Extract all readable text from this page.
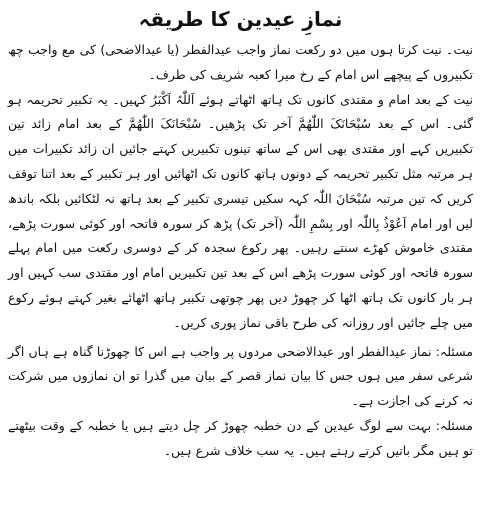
نمازِ عیدین کا طریقہ

نیت۔ نیت کرتا ہوں میں دو رکعت نماز واجب عیدالفطر (یا عیدالاضحی) کی مع واجب چھ تکبیروں کے پیچھے اس امام کے رخ میرا کعبہ شریف کی طرف۔

نیت کے بعد امام و مقتدی کانوں تک ہاتھ اٹھاتے ہوئے اَللّٰہُ اَکْبَرُ کہیں۔ یہ تکبیر تحریمہ ہو گئی۔ اس کے بعد سُبْحَانَکَ اللّٰھُمَّ آخر تک پڑھیں۔ سُبْحَانَکَ اللّٰھُمَّ کے بعد امام زائد تین تکبیریں کہے اور مقتدی بھی اس کے ساتھ تینوں تکبیریں کہتے جائیں ان زائد تکبیرات میں ہر مرتبہ مثل تکبیر تحریمہ کے دونوں ہاتھ کانوں تک اٹھائیں اور ہر تکبیر کے بعد اتنا توقف کریں کہ تین مرتبہ سُبْحَانَ اللّٰہ کہہ سکیں تیسری تکبیر کے بعد ہاتھ نہ لٹکائیں بلکہ باندھ لیں اور امام اَعُوْذُ بِاللّٰہ اور بِسْمِ اللّٰہ (آخر تک) پڑھ کر سورہ فاتحہ اور کوئی سورت پڑھے، مقتدی خاموش کھڑے سنتے رہیں۔ پھر رکوع سجدہ کر کے دوسری رکعت میں امام پہلے سورہ فاتحہ اور کوئی سورت پڑھے اس کے بعد تین تکبیریں امام اور مقتدی سب کہیں اور ہر بار کانوں تک ہاتھ اٹھا کر چھوڑ دیں پھر چوتھی تکبیر ہاتھ اٹھائے بغیر کہتے ہوئے رکوع میں چلے جائیں اور روزانہ کی طرح باقی نماز پوری کریں۔

مسئلہ: نماز عیدالفطر اور عیدالاضحی مردوں پر واجب ہے اس کا چھوڑنا گناہ ہے ہاں اگر شرعی سفر میں ہوں جس کا بیان نماز قصر کے بیان میں گذرا تو ان نمازوں میں شرکت نہ کرنے کی اجازت ہے۔

مسئلہ: بہت سے لوگ عیدین کے دن خطبہ چھوڑ کر چل دیتے ہیں یا خطبہ کے وقت بیٹھتے تو ہیں مگر باتیں کرتے رہتے ہیں۔ یہ سب خلاف شرع ہیں۔
